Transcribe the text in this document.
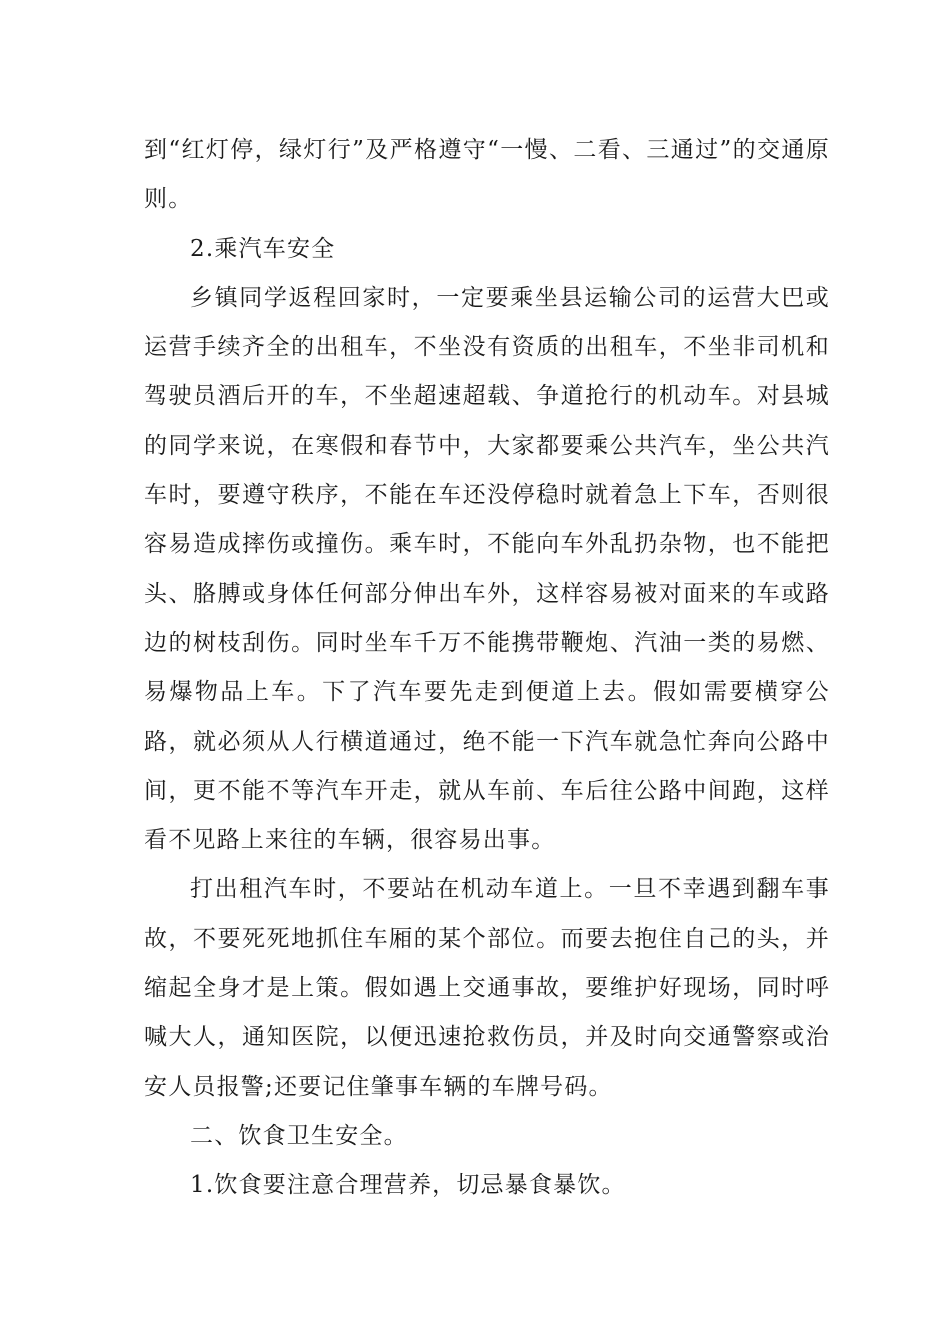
到“红灯停，绿灯行”及严格遵守“一慢、二看、三通过”的交通原则。

2.乘汽车安全

乡镇同学返程回家时，一定要乘坐县运输公司的运营大巴或运营手续齐全的出租车，不坐没有资质的出租车，不坐非司机和驾驶员酒后开的车，不坐超速超载、争道抢行的机动车。对县城的同学来说，在寒假和春节中，大家都要乘公共汽车，坐公共汽车时，要遵守秩序，不能在车还没停稳时就着急上下车，否则很容易造成摔伤或撞伤。乘车时，不能向车外乱扔杂物，也不能把头、胳膊或身体任何部分伸出车外，这样容易被对面来的车或路边的树枝刮伤。同时坐车千万不能携带鞭炮、汽油一类的易燃、易爆物品上车。下了汽车要先走到便道上去。假如需要横穿公路，就必须从人行横道通过，绝不能一下汽车就急忙奔向公路中间，更不能不等汽车开走，就从车前、车后往公路中间跑，这样看不见路上来往的车辆，很容易出事。

打出租汽车时，不要站在机动车道上。一旦不幸遇到翻车事故，不要死死地抓住车厢的某个部位。而要去抱住自己的头，并缩起全身才是上策。假如遇上交通事故，要维护好现场，同时呼喊大人，通知医院，以便迅速抢救伤员，并及时向交通警察或治安人员报警;还要记住肇事车辆的车牌号码。

二、饮食卫生安全。

1.饮食要注意合理营养，切忌暴食暴饮。
